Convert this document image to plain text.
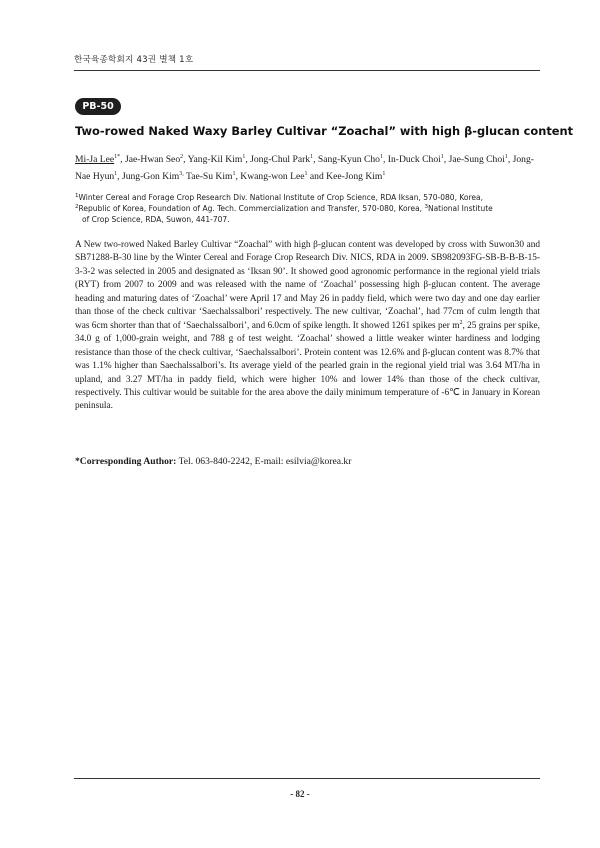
한국육종학회지 43권 별책 1호
PB-50
Two-rowed Naked Waxy Barley Cultivar “Zoachal” with high β-glucan content
Mi-Ja Lee$^{1*}$, Jae-Hwan Seo$^2$, Yang-Kil Kim$^1$, Jong-Chul Park$^1$, Sang-Kyun Cho$^1$, In-Duck Choi$^1$, Jae-Sung Choi$^1$, Jong-Nae Hyun$^1$, Jung-Gon Kim$^{3,}$ Tae-Su Kim$^1$, Kwang-won Lee$^1$ and Kee-Jong Kim$^1$
$^1$Winter Cereal and Forage Crop Research Div. National Institute of Crop Science, RDA Iksan, 570-080, Korea,
$^2$Republic of Korea, Foundation of Ag. Tech. Commercialization and Transfer, 570-080, Korea, $^3$National Institute
of Crop Science, RDA, Suwon, 441-707.

A New two-rowed Naked Barley Cultivar “Zoachal” with high β-glucan content was developed by cross with Suwon30 and SB71288-B-30 line by the Winter Cereal and Forage Crop Research Div. NICS, RDA in 2009. SB982093FG-SB-B-B-B-15-3-3-2 was selected in 2005 and designated as ‘Iksan 90’. It showed good agronomic performance in the regional yield trials (RYT) from 2007 to 2009 and was released with the name of ‘Zoachal’ possessing high β-glucan content. The average heading and maturing dates of ‘Zoachal’ were April 17 and May 26 in paddy field, which were two day and one day earlier than those of the check cultivar ‘Saechalssalbori’ respectively. The new cultivar, ‘Zoachal’, had 77cm of culm length that was 6cm shorter than that of ‘Saechalssalbori’, and 6.0cm of spike length. It showed 1261 spikes per $m^2$, 25 grains per spike, 34.0 g of 1,000-grain weight, and 788 g of test weight. ‘Zoachal’ showed a little weaker winter hardiness and lodging resistance than those of the check cultivar, ‘Saechalssalbori’. Protein content was 12.6% and β-glucan content was 8.7% that was 1.1% higher than Saechalssalbori’s. Its average yield of the pearled grain in the regional yield trial was 3.64 MT/ha in upland, and 3.27 MT/ha in paddy field, which were higher 10% and lower 14% than those of the check cultivar, respectively. This cultivar would be suitable for the area above the daily minimum temperature of -6℃ in January in Korean peninsula.

*Corresponding Author: Tel. 063-840-2242, E-mail: esilvia@korea.kr
- 82 -
